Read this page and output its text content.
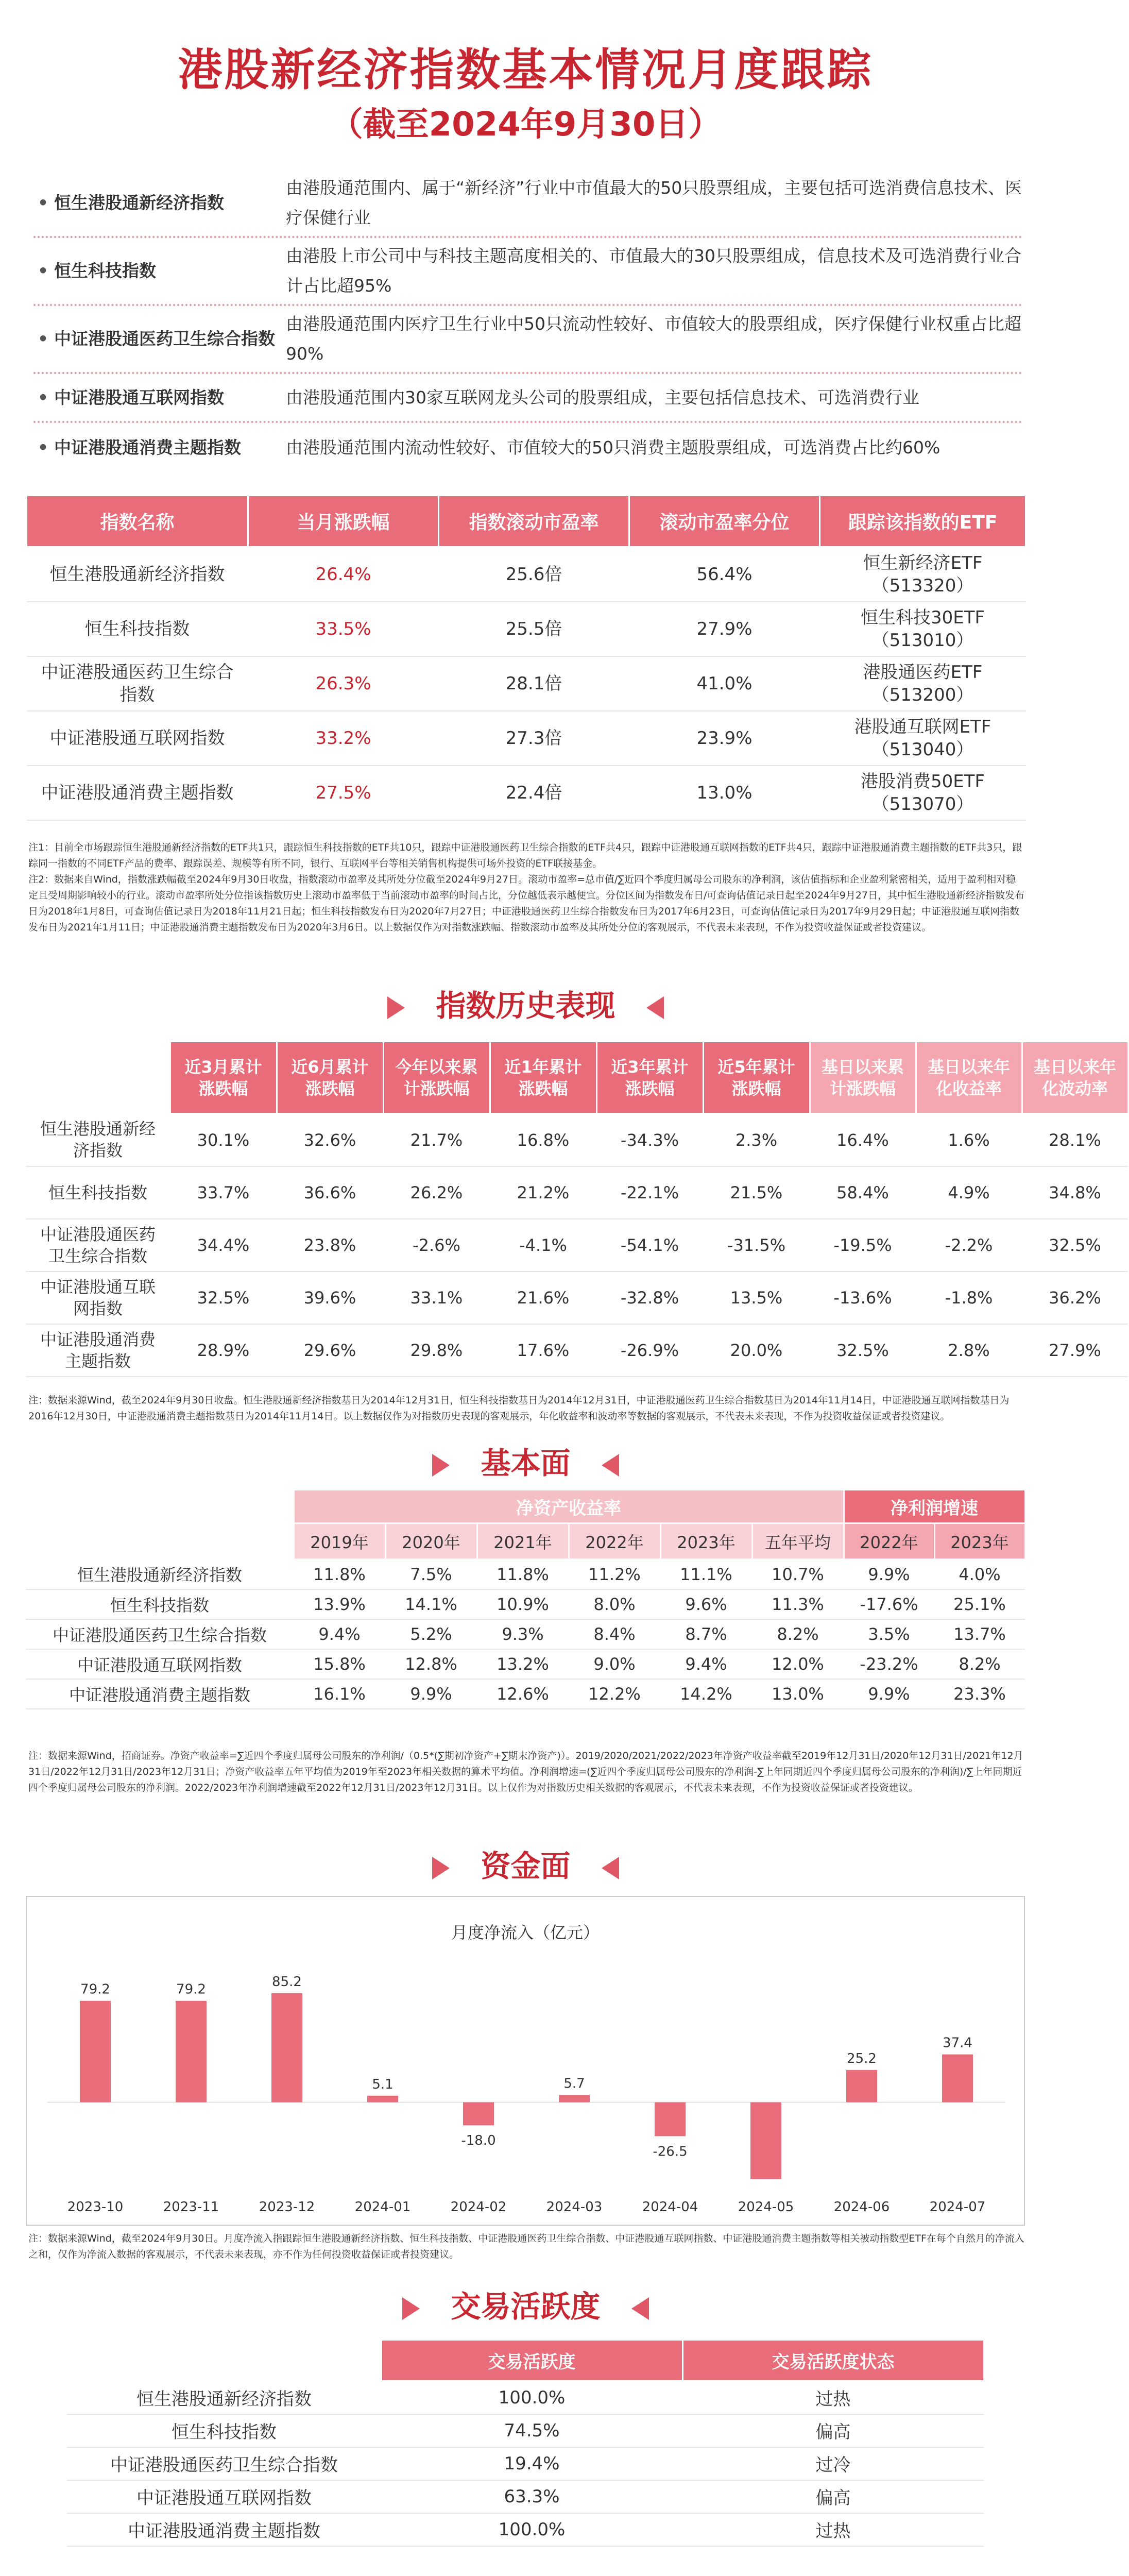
港股新经济指数基本情况月度跟踪
（截至2024年9月30日）
• 恒生港股通新经济指数
由港股通范围内、属于“新经济”行业中市值最大的50只股票组成，主要包括可选消费信息技术、医疗保健行业
• 恒生科技指数
由港股上市公司中与科技主题高度相关的、市值最大的30只股票组成，信息技术及可选消费行业合计占比超95%
• 中证港股通医药卫生综合指数
由港股通范围内医疗卫生行业中50只流动性较好、市值较大的股票组成，医疗保健行业权重占比超90%
• 中证港股通互联网指数	由港股通范围内30家互联网龙头公司的股票组成，主要包括信息技术、可选消费行业
• 中证港股通消费主题指数	由港股通范围内流动性较好、市值较大的50只消费主题股票组成，可选消费占比约60%
指数名称	当月涨跌幅	指数滚动市盈率	滚动市盈率分位	跟踪该指数的ETF
恒生港股通新经济指数	26.4%	25.6倍	56.4%	恒生新经济ETF
（513320）
恒生科技指数	33.5%	25.5倍	27.9%	恒生科技30ETF
（513010）
中证港股通医药卫生综合指数	26.3%	28.1倍	41.0%	港股通医药ETF
（513200）
中证港股通互联网指数	33.2%	27.3倍	23.9%	港股通互联网ETF
（513040）
中证港股通消费主题指数	27.5%	22.4倍	13.0%	港股消费50ETF
（513070）
注1：目前全市场跟踪恒生港股通新经济指数的ETF共1只，跟踪恒生科技指数的ETF共10只，跟踪中证港股通医药卫生综合指数的ETF共4只，跟踪中证港股通互联网指数的ETF共4只，跟踪中证港股通消费主题指数的ETF共3只，跟踪同一指数的不同ETF产品的费率、跟踪误差、规模等有所不同，银行、互联网平台等相关销售机构提供可场外投资的ETF联接基金。
注2：数据来自Wind，指数涨跌幅截至2024年9月30日收盘，指数滚动市盈率及其所处分位截至2024年9月27日。滚动市盈率=总市值/∑近四个季度归属母公司股东的净利润，该估值指标和企业盈利紧密相关，适用于盈利相对稳定且受周期影响较小的行业。滚动市盈率所处分位指该指数历史上滚动市盈率低于当前滚动市盈率的时间占比，分位越低表示越便宜。分位区间为指数发布日/可查询估值记录日起至2024年9月27日，其中恒生港股通新经济指数发布日为2018年1月8日，可查询估值记录日为2018年11月21日起；恒生科技指数发布日为2020年7月27日；中证港股通医药卫生综合指数发布日为2017年6月23日，可查询估值记录日为2017年9月29日起；中证港股通互联网指数发布日为2021年1月11日；中证港股通消费主题指数发布日为2020年3月6日。以上数据仅作为对指数涨跌幅、指数滚动市盈率及其所处分位的客观展示，不代表未来表现，不作为投资收益保证或者投资建议。
指数历史表现
	近3月累计涨跌幅	近6月累计涨跌幅	今年以来累计涨跌幅	近1年累计涨跌幅	近3年累计涨跌幅	近5年累计涨跌幅	基日以来累计涨跌幅	基日以来年化收益率	基日以来年化波动率
恒生港股通新经济指数	30.1%	32.6%	21.7%	16.8%	-34.3%	2.3%	16.4%	1.6%	28.1%
恒生科技指数	33.7%	36.6%	26.2%	21.2%	-22.1%	21.5%	58.4%	4.9%	34.8%
中证港股通医药卫生综合指数	34.4%	23.8%	-2.6%	-4.1%	-54.1%	-31.5%	-19.5%	-2.2%	32.5%
中证港股通互联网指数	32.5%	39.6%	33.1%	21.6%	-32.8%	13.5%	-13.6%	-1.8%	36.2%
中证港股通消费主题指数	28.9%	29.6%	29.8%	17.6%	-26.9%	20.0%	32.5%	2.8%	27.9%
注：数据来源Wind，截至2024年9月30日收盘。恒生港股通新经济指数基日为2014年12月31日，恒生科技指数基日为2014年12月31日，中证港股通医药卫生综合指数基日为2014年11月14日，中证港股通互联网指数基日为2016年12月30日，中证港股通消费主题指数基日为2014年11月14日。以上数据仅作为对指数历史表现的客观展示，年化收益率和波动率等数据的客观展示，不代表未来表现，不作为投资收益保证或者投资建议。
基本面
	净资产收益率						净利润增速	
	2019年	2020年	2021年	2022年	2023年	五年平均	2022年	2023年
恒生港股通新经济指数	11.8%	7.5%	11.8%	11.2%	11.1%	10.7%	9.9%	4.0%
恒生科技指数	13.9%	14.1%	10.9%	8.0%	9.6%	11.3%	-17.6%	25.1%
中证港股通医药卫生综合指数	9.4%	5.2%	9.3%	8.4%	8.7%	8.2%	3.5%	13.7%
中证港股通互联网指数	15.8%	12.8%	13.2%	9.0%	9.4%	12.0%	-23.2%	8.2%
中证港股通消费主题指数	16.1%	9.9%	12.6%	12.2%	14.2%	13.0%	9.9%	23.3%
注：数据来源Wind，招商证券。净资产收益率=∑近四个季度归属母公司股东的净利润/（0.5*(∑期初净资产+∑期末净资产)）。2019/2020/2021/2022/2023年净资产收益率截至2019年12月31日/2020年12月31日/2021年12月31日/2022年12月31日/2023年12月31日；净资产收益率五年平均值为2019年至2023年相关数据的算术平均值。净利润增速=(∑近四个季度归属母公司股东的净利润-∑上年同期近四个季度归属母公司股东的净利润)/∑上年同期近四个季度归属母公司股东的净利润。2022/2023年净利润增速截至2022年12月31日/2023年12月31日。以上仅作为对指数历史相关数据的客观展示，不代表未来表现，不作为投资收益保证或者投资建议。
资金面
月度净流入（亿元）
79.2
2023-10
79.2
2023-11
85.2
2023-12
5.1
2024-01
-18.0
2024-02
5.7
2024-03
-26.5
2024-04	2024-05
25.2
2024-06
37.4
2024-07
注：数据来源Wind，截至2024年9月30日。月度净流入指跟踪恒生港股通新经济指数、恒生科技指数、中证港股通医药卫生综合指数、中证港股通互联网指数、中证港股通消费主题指数等相关被动指数型ETF在每个自然月的净流入之和，仅作为净流入数据的客观展示，不代表未来表现，亦不作为任何投资收益保证或者投资建议。
交易活跃度
	交易活跃度	交易活跃度状态
恒生港股通新经济指数	100.0%	过热
恒生科技指数	74.5%	偏高
中证港股通医药卫生综合指数	19.4%	过冷
中证港股通互联网指数	63.3%	偏高
中证港股通消费主题指数	100.0%	过热
